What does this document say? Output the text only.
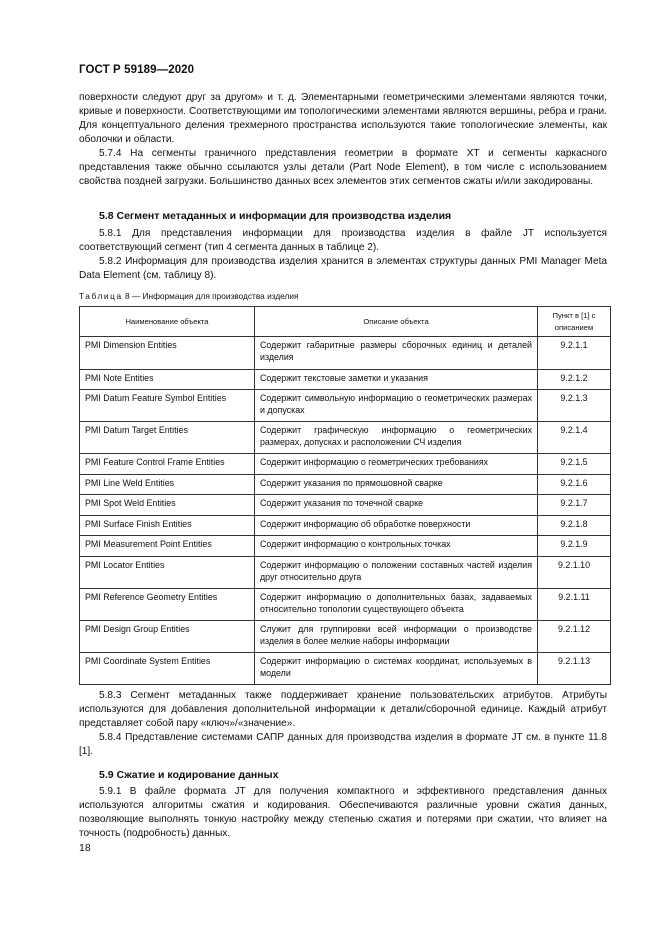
ГОСТ Р 59189—2020

поверхности следуют друг за другом» и т. д. Элементарными геометрическими элементами являются точки, кривые и поверхности. Соответствующими им топологическими элементами являются вершины, ребра и грани. Для концептуального деления трехмерного пространства используются такие топологические элементы, как оболочки и области.

5.7.4 На сегменты граничного представления геометрии в формате XT и сегменты каркасного представления также обычно ссылаются узлы детали (Part Node Element), в том числе с использованием свойства поздней загрузки. Большинство данных всех элементов этих сегментов сжаты и/или закодированы.

5.8 Сегмент метаданных и информации для производства изделия

5.8.1 Для представления информации для производства изделия в файле JT используется соответствующий сегмент (тип 4 сегмента данных в таблице 2).

5.8.2 Информация для производства изделия хранится в элементах структуры данных PMI Manager Meta Data Element (см. таблицу 8).

Таблица 8 — Информация для производства изделия
Наименование объекта	Описание объекта	Пункт в [1] с описанием
PMI Dimension Entities	Содержит габаритные размеры сборочных единиц и деталей изделия	9.2.1.1
PMI Note Entities	Содержит текстовые заметки и указания	9.2.1.2
PMI Datum Feature Symbol Entities	Содержит символьную информацию о геометрических размерах и допусках	9.2.1.3
PMI Datum Target Entities	Содержит графическую информацию о геометрических размерах, допусках и расположении СЧ изделия	9.2.1.4
PMI Feature Control Frame Entities	Содержит информацию о геометрических требованиях	9.2.1.5
PMI Line Weld Entities	Содержит указания по прямошовной сварке	9.2.1.6
PMI Spot Weld Entities	Содержит указания по точечной сварке	9.2.1.7
PMI Surface Finish Entities	Содержит информацию об обработке поверхности	9.2.1.8
PMI Measurement Point Entities	Содержит информацию о контрольных точках	9.2.1.9
PMI Locator Entities	Содержит информацию о положении составных частей изделия друг относительно друга	9.2.1.10
PMI Reference Geometry Entities	Содержит информацию о дополнительных базах, задаваемых относительно топологии существующего объекта	9.2.1.11
PMI Design Group Entities	Служит для группировки всей информации о производстве изделия в более мелкие наборы информации	9.2.1.12
PMI Coordinate System Entities	Содержит информацию о системах координат, используемых в модели	9.2.1.13

5.8.3 Сегмент метаданных также поддерживает хранение пользовательских атрибутов. Атрибуты используются для добавления дополнительной информации к детали/сборочной единице. Каждый атрибут представляет собой пару «ключ»/«значение».

5.8.4 Представление системами САПР данных для производства изделия в формате JT см. в пункте 11.8 [1].

5.9 Сжатие и кодирование данных

5.9.1 В файле формата JT для получения компактного и эффективного представления данных используются алгоритмы сжатия и кодирования. Обеспечиваются различные уровни сжатия данных, позволяющие выполнять тонкую настройку между степенью сжатия и потерями при сжатии, что влияет на точность (подробность) данных.

18
